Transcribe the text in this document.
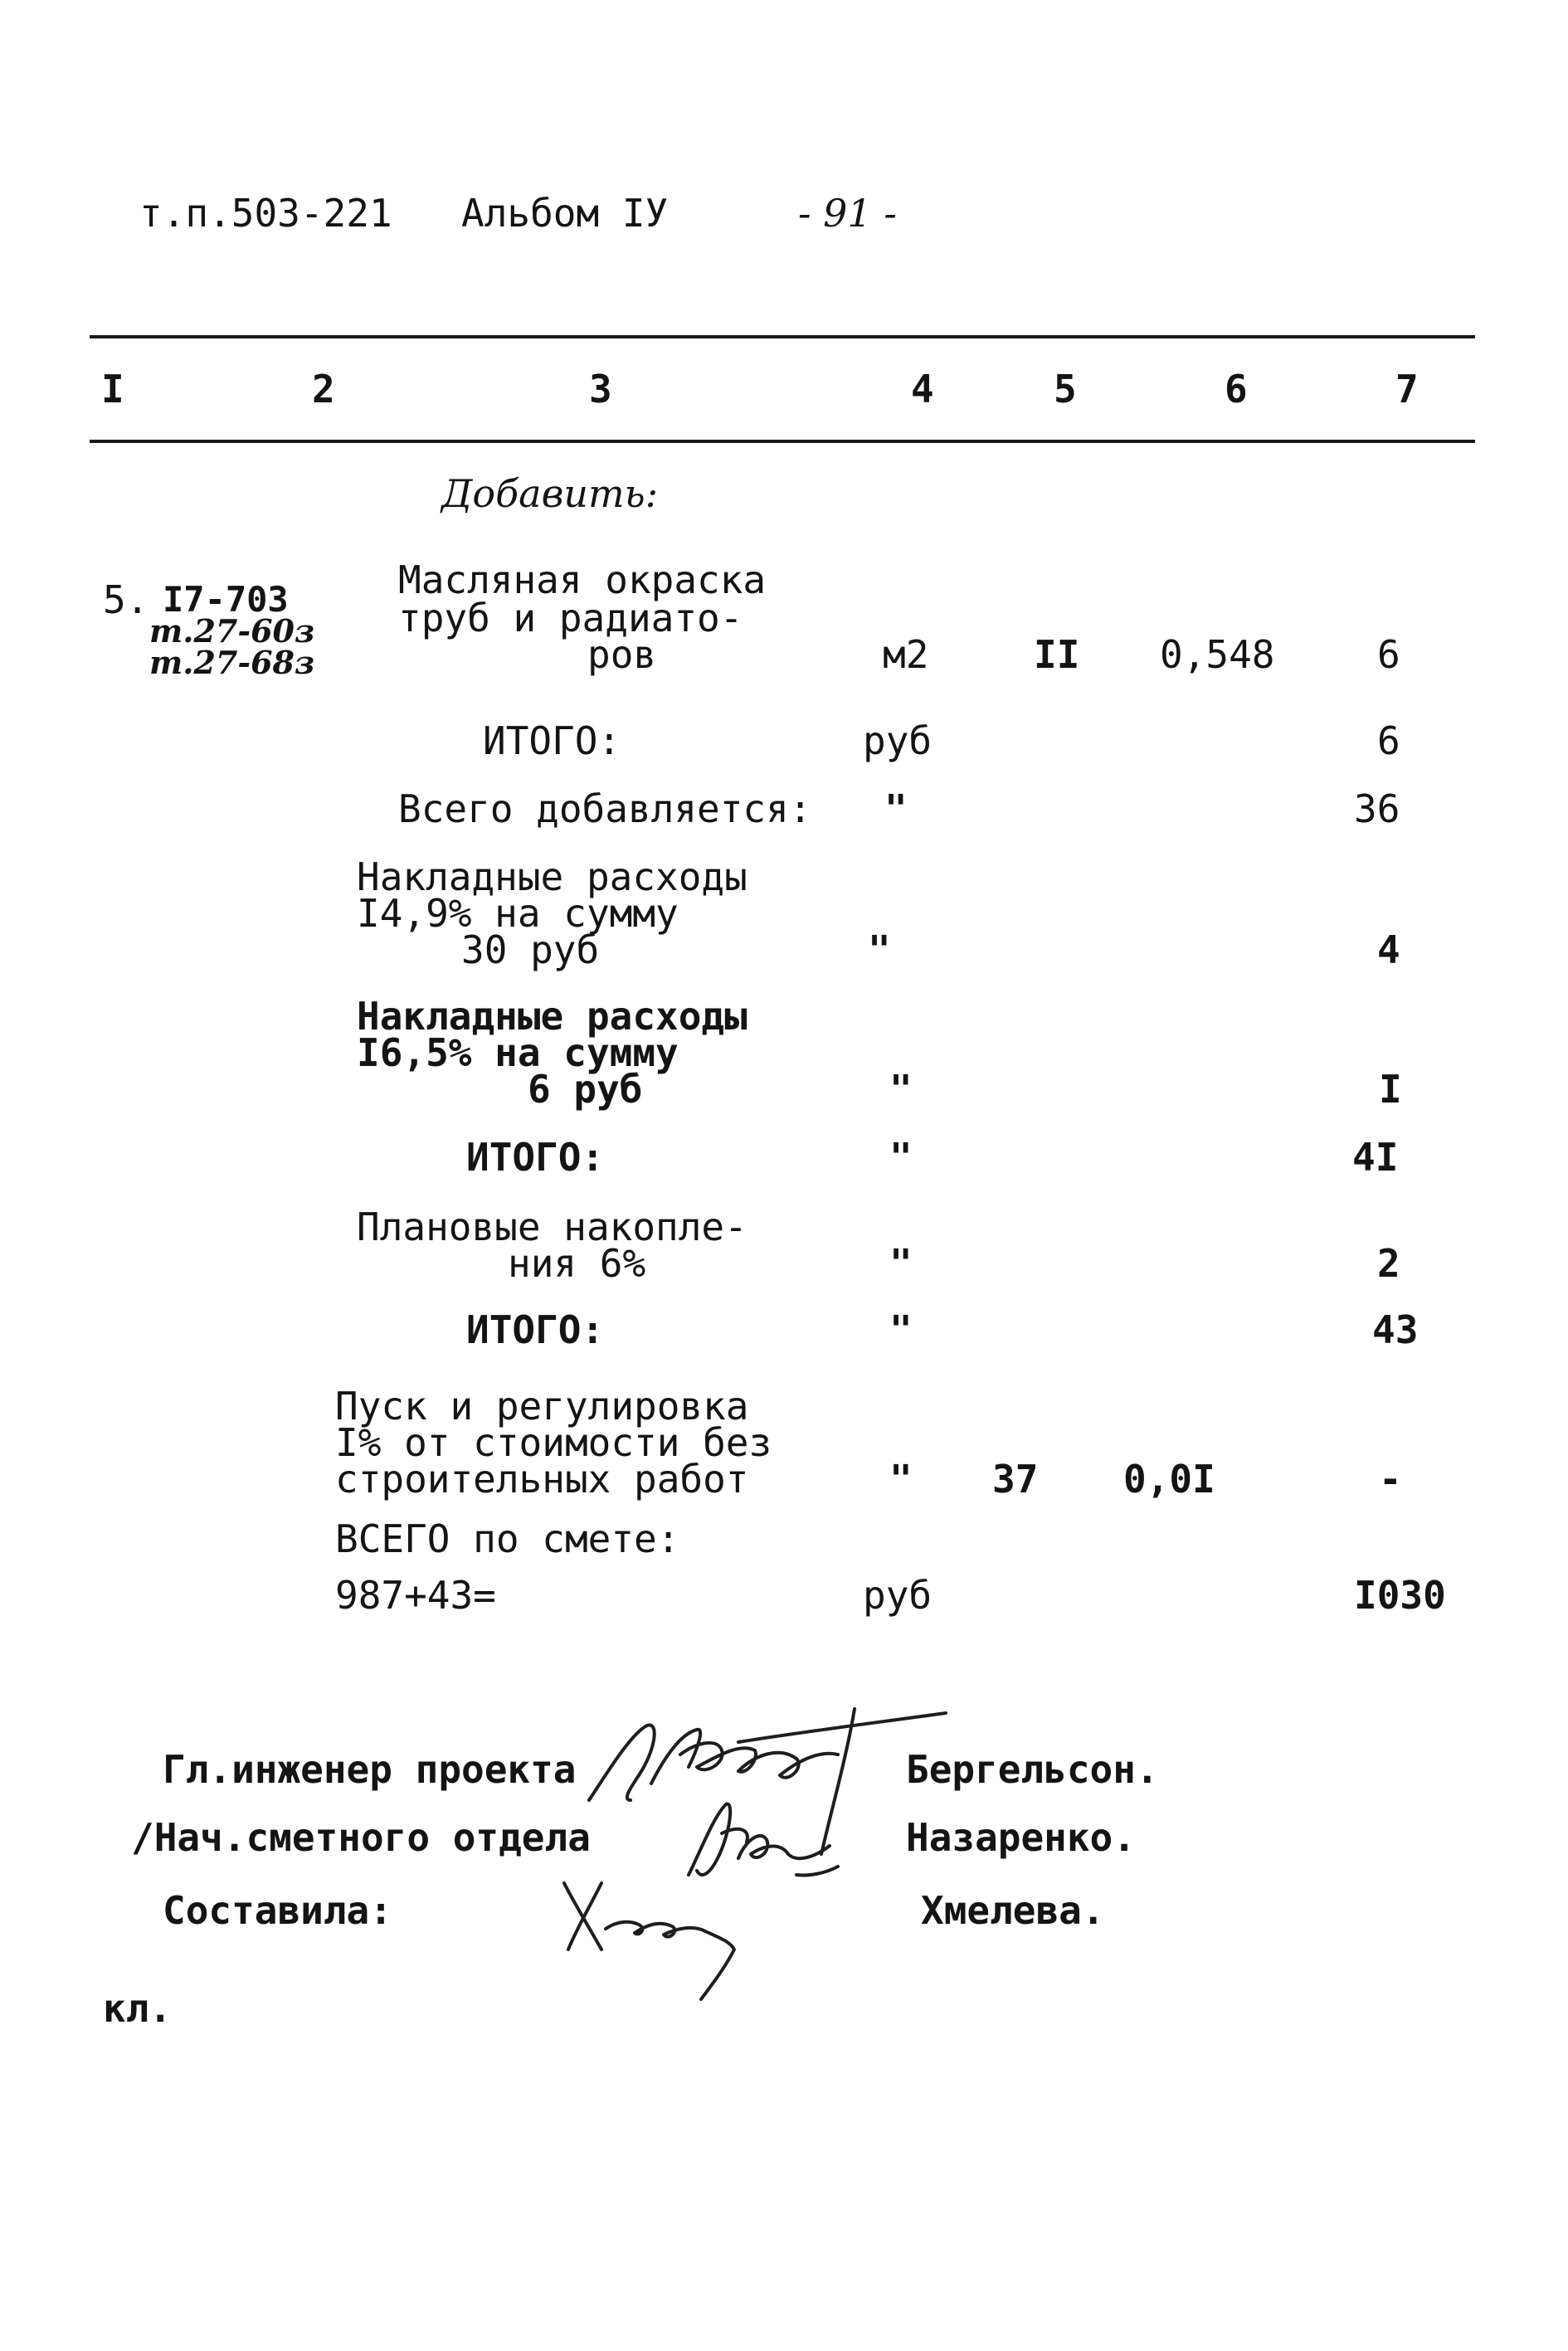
т.п.503-221 Альбом IУ	- 91 -
I	2	3	4	5	6	7
Добавить:
5. I7-703
т.27-60з
т.27-68з
Масляная окраска
труб и радиато-
ров	м2	II 0,548	6
ИТОГО:	руб	6
Всего добавляется: "	36
Накладные расходы
I4,9% на сумму
30 руб	"	4
Накладные расходы
I6,5% на сумму
6 руб	"	I
ИТОГО:	"	4I
Плановые накопле-
ния 6%	"	2
ИТОГО:	"	43
Пуск и регулировка
I% от стоимости без
строительных работ	" 37 0,0I	-
ВСЕГО по смете:
987+43=	руб	I030
Гл.инженер проекта	Бергельсон.
/Нач.сметного отдела	Назаренко.
Составила:	Хмелева.
кл.
